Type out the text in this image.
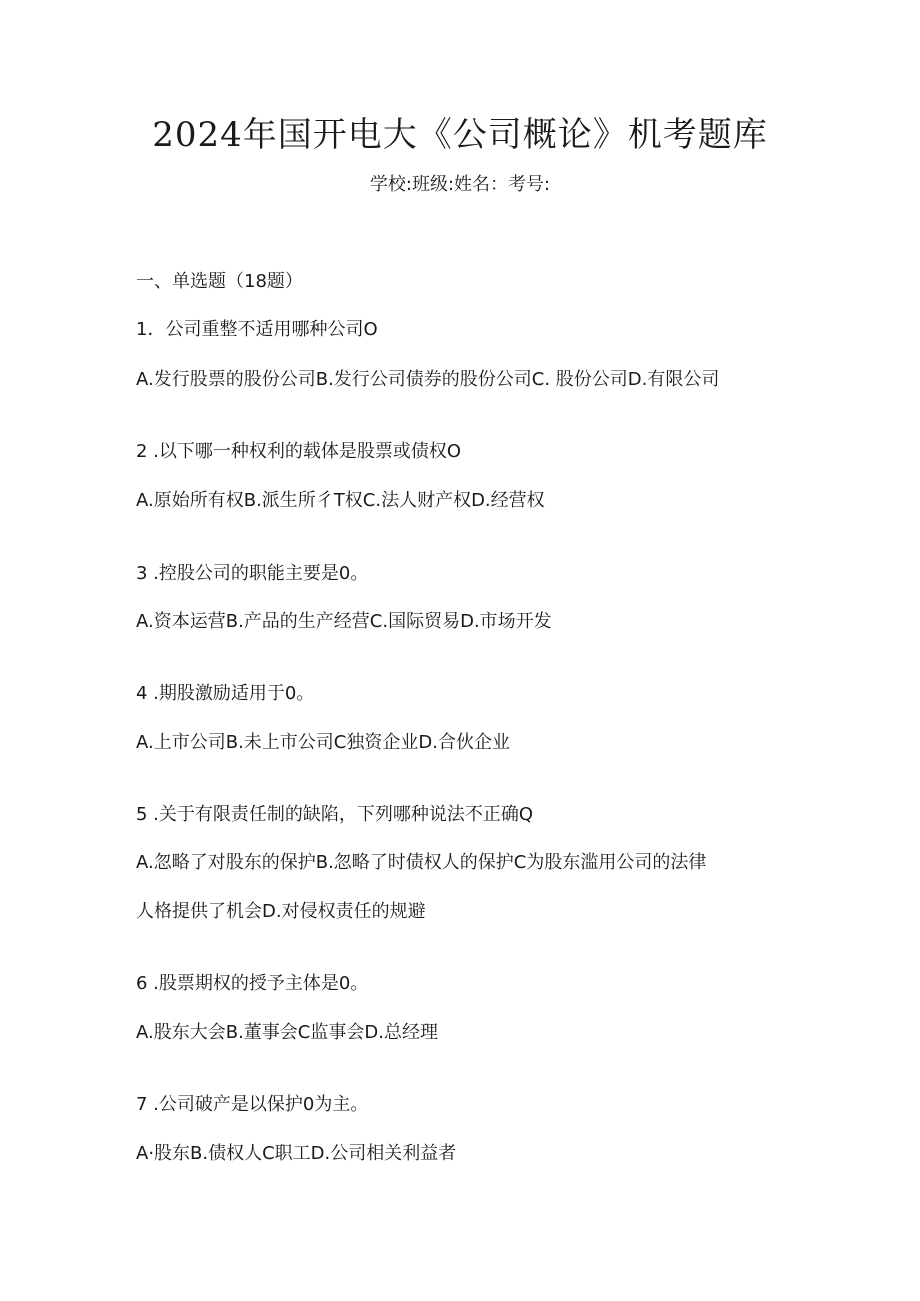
2024年国开电大《公司概论》机考题库
学校:班级:姓名：考号:
一、单选题（18题）
1．公司重整不适用哪种公司O
A.发行股票的股份公司B.发行公司债券的股份公司C. 股份公司D.有限公司
2 .以下哪一种权利的载体是股票或债权O
A.原始所有权B.派生所彳T权C.法人财产权D.经营权
3 .控股公司的职能主要是0。
A.资本运营B.产品的生产经营C.国际贸易D.市场开发
4 .期股激励适用于0。
A.上市公司B.未上市公司C独资企业D.合伙企业
5 .关于有限责任制的缺陷，下列哪种说法不正确Q
A.忽略了对股东的保护B.忽略了时债权人的保护C为股东滥用公司的法律
人格提供了机会D.对侵权责任的规避
6 .股票期权的授予主体是0。
A.股东大会B.董事会C监事会D.总经理
7 .公司破产是以保护0为主。
A·股东B.债权人C职工D.公司相关利益者
